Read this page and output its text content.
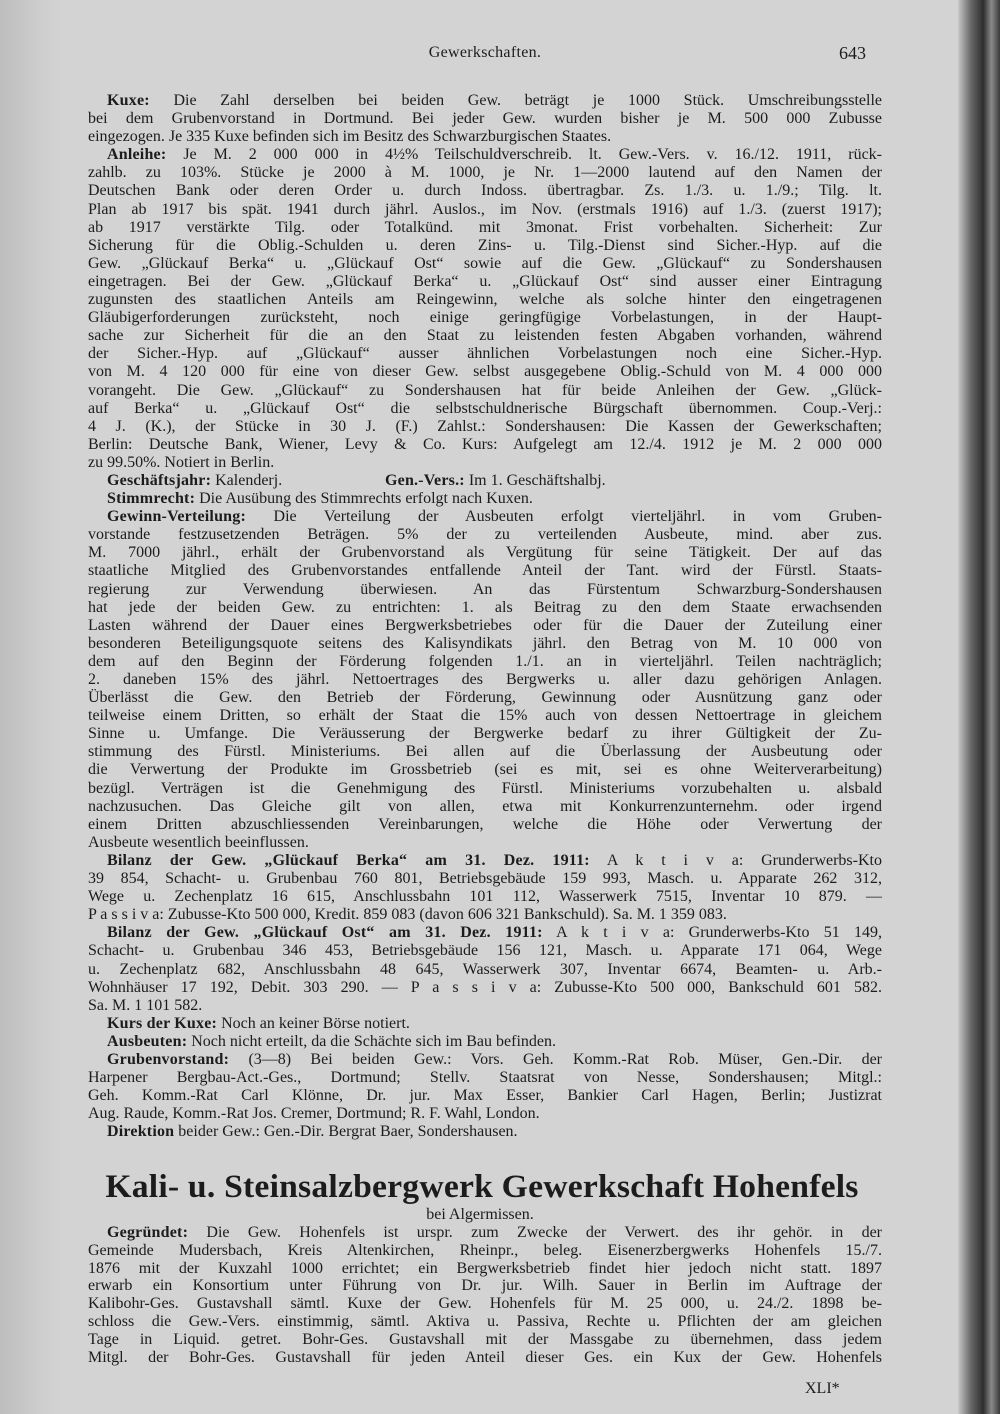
Gewerkschaften.	643
Kuxe: Die Zahl derselben bei beiden Gew. beträgt je 1000 Stück. Umschreibungsstelle
bei dem Grubenvorstand in Dortmund. Bei jeder Gew. wurden bisher je M. 500 000 Zubusse
eingezogen. Je 335 Kuxe befinden sich im Besitz des Schwarzburgischen Staates.
Anleihe: Je M. 2 000 000 in 4½% Teilschuldverschreib. lt. Gew.-Vers. v. 16./12. 1911, rück-
zahlb. zu 103%. Stücke je 2000 à M. 1000, je Nr. 1—2000 lautend auf den Namen der
Deutschen Bank oder deren Order u. durch Indoss. übertragbar. Zs. 1./3. u. 1./9.; Tilg. lt.
Plan ab 1917 bis spät. 1941 durch jährl. Auslos., im Nov. (erstmals 1916) auf 1./3. (zuerst 1917);
ab 1917 verstärkte Tilg. oder Totalkünd. mit 3monat. Frist vorbehalten. Sicherheit: Zur
Sicherung für die Oblig.-Schulden u. deren Zins- u. Tilg.-Dienst sind Sicher.-Hyp. auf die
Gew. „Glückauf Berka“ u. „Glückauf Ost“ sowie auf die Gew. „Glückauf“ zu Sondershausen
eingetragen. Bei der Gew. „Glückauf Berka“ u. „Glückauf Ost“ sind ausser einer Eintragung
zugunsten des staatlichen Anteils am Reingewinn, welche als solche hinter den eingetragenen
Gläubigerforderungen zurücksteht, noch einige geringfügige Vorbelastungen, in der Haupt-
sache zur Sicherheit für die an den Staat zu leistenden festen Abgaben vorhanden, während
der Sicher.-Hyp. auf „Glückauf“ ausser ähnlichen Vorbelastungen noch eine Sicher.-Hyp.
von M. 4 120 000 für eine von dieser Gew. selbst ausgegebene Oblig.-Schuld von M. 4 000 000
vorangeht. Die Gew. „Glückauf“ zu Sondershausen hat für beide Anleihen der Gew. „Glück-
auf Berka“ u. „Glückauf Ost“ die selbstschuldnerische Bürgschaft übernommen. Coup.-Verj.:
4 J. (K.), der Stücke in 30 J. (F.) Zahlst.: Sondershausen: Die Kassen der Gewerkschaften;
Berlin: Deutsche Bank, Wiener, Levy & Co. Kurs: Aufgelegt am 12./4. 1912 je M. 2 000 000
zu 99.50%. Notiert in Berlin.
Geschäftsjahr: Kalenderj.	Gen.-Vers.: Im 1. Geschäftshalbj.
Stimmrecht: Die Ausübung des Stimmrechts erfolgt nach Kuxen.
Gewinn-Verteilung: Die Verteilung der Ausbeuten erfolgt vierteljährl. in vom Gruben-
vorstande festzusetzenden Beträgen. 5% der zu verteilenden Ausbeute, mind. aber zus.
M. 7000 jährl., erhält der Grubenvorstand als Vergütung für seine Tätigkeit. Der auf das
staatliche Mitglied des Grubenvorstandes entfallende Anteil der Tant. wird der Fürstl. Staats-
regierung zur Verwendung überwiesen. An das Fürstentum Schwarzburg-Sondershausen
hat jede der beiden Gew. zu entrichten: 1. als Beitrag zu den dem Staate erwachsenden
Lasten während der Dauer eines Bergwerksbetriebes oder für die Dauer der Zuteilung einer
besonderen Beteiligungsquote seitens des Kalisyndikats jährl. den Betrag von M. 10 000 von
dem auf den Beginn der Förderung folgenden 1./1. an in vierteljährl. Teilen nachträglich;
2. daneben 15% des jährl. Nettoertrages des Bergwerks u. aller dazu gehörigen Anlagen.
Überlässt die Gew. den Betrieb der Förderung, Gewinnung oder Ausnützung ganz oder
teilweise einem Dritten, so erhält der Staat die 15% auch von dessen Nettoertrage in gleichem
Sinne u. Umfange. Die Veräusserung der Bergwerke bedarf zu ihrer Gültigkeit der Zu-
stimmung des Fürstl. Ministeriums. Bei allen auf die Überlassung der Ausbeutung oder
die Verwertung der Produkte im Grossbetrieb (sei es mit, sei es ohne Weiterverarbeitung)
bezügl. Verträgen ist die Genehmigung des Fürstl. Ministeriums vorzubehalten u. alsbald
nachzusuchen. Das Gleiche gilt von allen, etwa mit Konkurrenzunternehm. oder irgend
einem Dritten abzuschliessenden Vereinbarungen, welche die Höhe oder Verwertung der
Ausbeute wesentlich beeinflussen.
Bilanz der Gew. „Glückauf Berka“ am 31. Dez. 1911: A k t i v a: Grunderwerbs-Kto
39 854, Schacht- u. Grubenbau 760 801, Betriebsgebäude 159 993, Masch. u. Apparate 262 312,
Wege u. Zechenplatz 16 615, Anschlussbahn 101 112, Wasserwerk 7515, Inventar 10 879. —
P a s s i v a: Zubusse-Kto 500 000, Kredit. 859 083 (davon 606 321 Bankschuld). Sa. M. 1 359 083.
Bilanz der Gew. „Glückauf Ost“ am 31. Dez. 1911: A k t i v a: Grunderwerbs-Kto 51 149,
Schacht- u. Grubenbau 346 453, Betriebsgebäude 156 121, Masch. u. Apparate 171 064, Wege
u. Zechenplatz 682, Anschlussbahn 48 645, Wasserwerk 307, Inventar 6674, Beamten- u. Arb.-
Wohnhäuser 17 192, Debit. 303 290. — P a s s i v a: Zubusse-Kto 500 000, Bankschuld 601 582.
Sa. M. 1 101 582.
Kurs der Kuxe: Noch an keiner Börse notiert.
Ausbeuten: Noch nicht erteilt, da die Schächte sich im Bau befinden.
Grubenvorstand: (3—8) Bei beiden Gew.: Vors. Geh. Komm.-Rat Rob. Müser, Gen.-Dir. der
Harpener Bergbau-Act.-Ges., Dortmund; Stellv. Staatsrat von Nesse, Sondershausen; Mitgl.:
Geh. Komm.-Rat Carl Klönne, Dr. jur. Max Esser, Bankier Carl Hagen, Berlin; Justizrat
Aug. Raude, Komm.-Rat Jos. Cremer, Dortmund; R. F. Wahl, London.
Direktion beider Gew.: Gen.-Dir. Bergrat Baer, Sondershausen.
Kali- u. Steinsalzbergwerk Gewerkschaft Hohenfels
bei Algermissen.
Gegründet: Die Gew. Hohenfels ist urspr. zum Zwecke der Verwert. des ihr gehör. in der
Gemeinde Mudersbach, Kreis Altenkirchen, Rheinpr., beleg. Eisenerzbergwerks Hohenfels 15./7.
1876 mit der Kuxzahl 1000 errichtet; ein Bergwerksbetrieb findet hier jedoch nicht statt. 1897
erwarb ein Konsortium unter Führung von Dr. jur. Wilh. Sauer in Berlin im Auftrage der
Kalibohr-Ges. Gustavshall sämtl. Kuxe der Gew. Hohenfels für M. 25 000, u. 24./2. 1898 be-
schloss die Gew.-Vers. einstimmig, sämtl. Aktiva u. Passiva, Rechte u. Pflichten der am gleichen
Tage in Liquid. getret. Bohr-Ges. Gustavshall mit der Massgabe zu übernehmen, dass jedem
Mitgl. der Bohr-Ges. Gustavshall für jeden Anteil dieser Ges. ein Kux der Gew. Hohenfels
XLI*
